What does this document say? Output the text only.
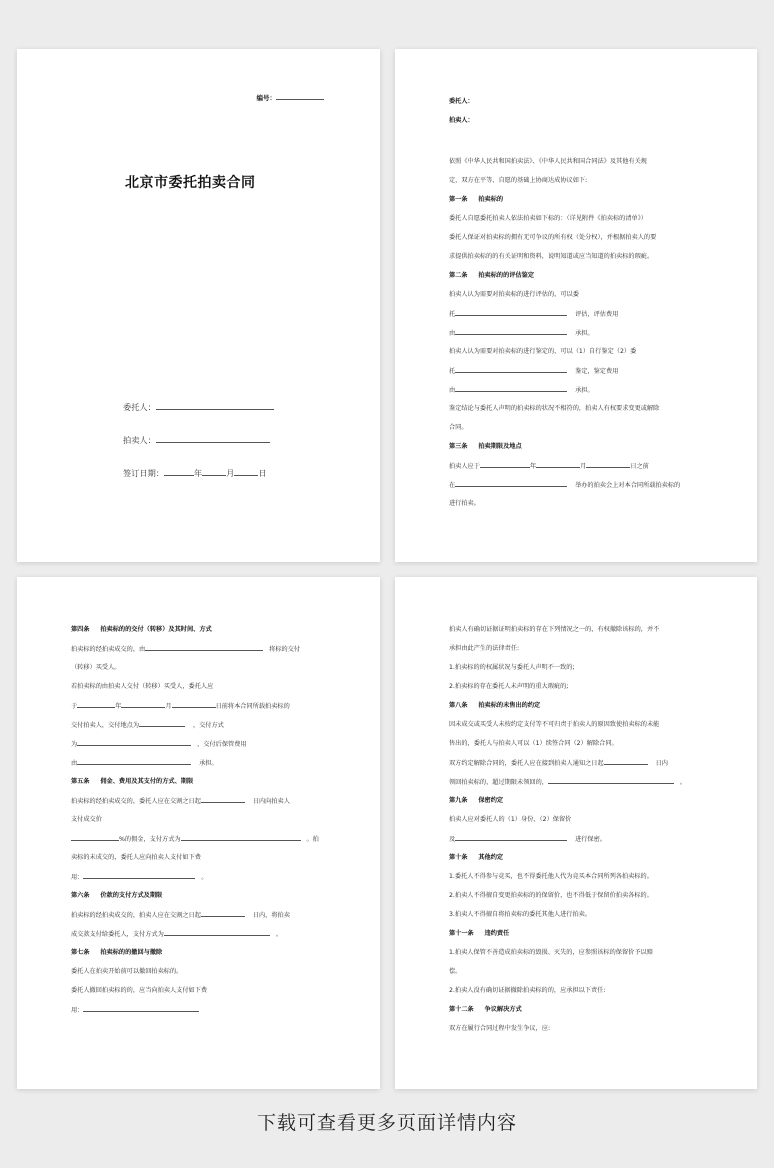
编号：
北京市委托拍卖合同
委托人：
拍卖人：
签订日期：	年	月	日
委托人：
拍卖人：
依照《中华人民共和国拍卖法》、《中华人民共和国合同法》及其他有关规
定，双方在平等、自愿的基础上协商达成协议如下:
第一条 拍卖标的
委托人自愿委托拍卖人依法拍卖如下标的：（详见附件《拍卖标的清单》）
委托人保证对拍卖标的拥有无可争议的所有权（处分权），并根据拍卖人的要
求提供拍卖标的的有关证明和资料，说明知道或应当知道的拍卖标的瑕疵。
第二条 拍卖标的的评估鉴定
拍卖人认为需要对拍卖标的进行评估的，可以委
托	评估，评估费用
由	承担。
拍卖人认为需要对拍卖标的进行鉴定的，可以（1）自行鉴定（2）委
托	鉴定，鉴定费用
由	承担。
鉴定结论与委托人声明的拍卖标的状况不相符的，拍卖人有权要求变更或解除
合同。
第三条 拍卖期限及地点
拍卖人应于	年	月	日之前
在	举办的拍卖会上对本合同所载拍卖标的
进行拍卖。
第四条 拍卖标的的交付（转移）及其时间、方式
拍卖标的经拍卖成交的，由	将标的交付
（转移）买受人。
若拍卖标的由拍卖人交付（转移）买受人，委托人应
于	年	月	日前将本合同所载拍卖标的
交付拍卖人，交付地点为	，交付方式
为	，交付后保管费用
由	承担。
第五条 佣金、费用及其支付的方式、期限
拍卖标的经拍卖成交的，委托人应在交割之日起	日内向拍卖人
支付成交价
%的佣金，支付方式为	。拍
卖标的未成交的，委托人应向拍卖人支付如下费
用：	。
第六条 价款的支付方式及期限
拍卖标的经拍卖成交的，拍卖人应在交割之日起	日内，将拍卖
成交款支付给委托人，支付方式为	。
第七条 拍卖标的的撤回与撤除
委托人在拍卖开始前可以撤回拍卖标的。
委托人撤回拍卖标的的，应当向拍卖人支付如下费
用：
拍卖人有确切证据证明拍卖标的存在下列情况之一的，有权撤除该标的，并不
承担由此产生的法律责任:
1.拍卖标的的权属状况与委托人声明不一致的;
2.拍卖标的存在委托人未声明的重大瑕疵的;
第八条 拍卖标的未售出的约定
因未成交或买受人未按约定支付等不可归责于拍卖人的原因致使拍卖标的未能
售出的，委托人与拍卖人可以（1）续签合同（2）解除合同。
双方约定解除合同的，委托人应在接到拍卖人通知之日起	日内
领回拍卖标的，超过期限未领回的，	。
第九条 保密约定
拍卖人应对委托人的（1）身份、（2）保留价
及	进行保密。
第十条 其他约定
1.委托人不得参与竞买，也不得委托他人代为竞买本合同所列各拍卖标的。
2.拍卖人不得擅自变更拍卖标的的保留价，也不得低于保留价拍卖各标的。
3.拍卖人不得擅自将拍卖标的委托其他人进行拍卖。
第十一条 违约责任
1.拍卖人保管不善造成拍卖标的毁损、灭失的，应参照该标的保留价予以赔
偿。
2.拍卖人没有确切证据撤除拍卖标的的，应承担以下责任:
第十二条 争议解决方式
双方在履行合同过程中发生争议，应:
下载可查看更多页面详情内容
